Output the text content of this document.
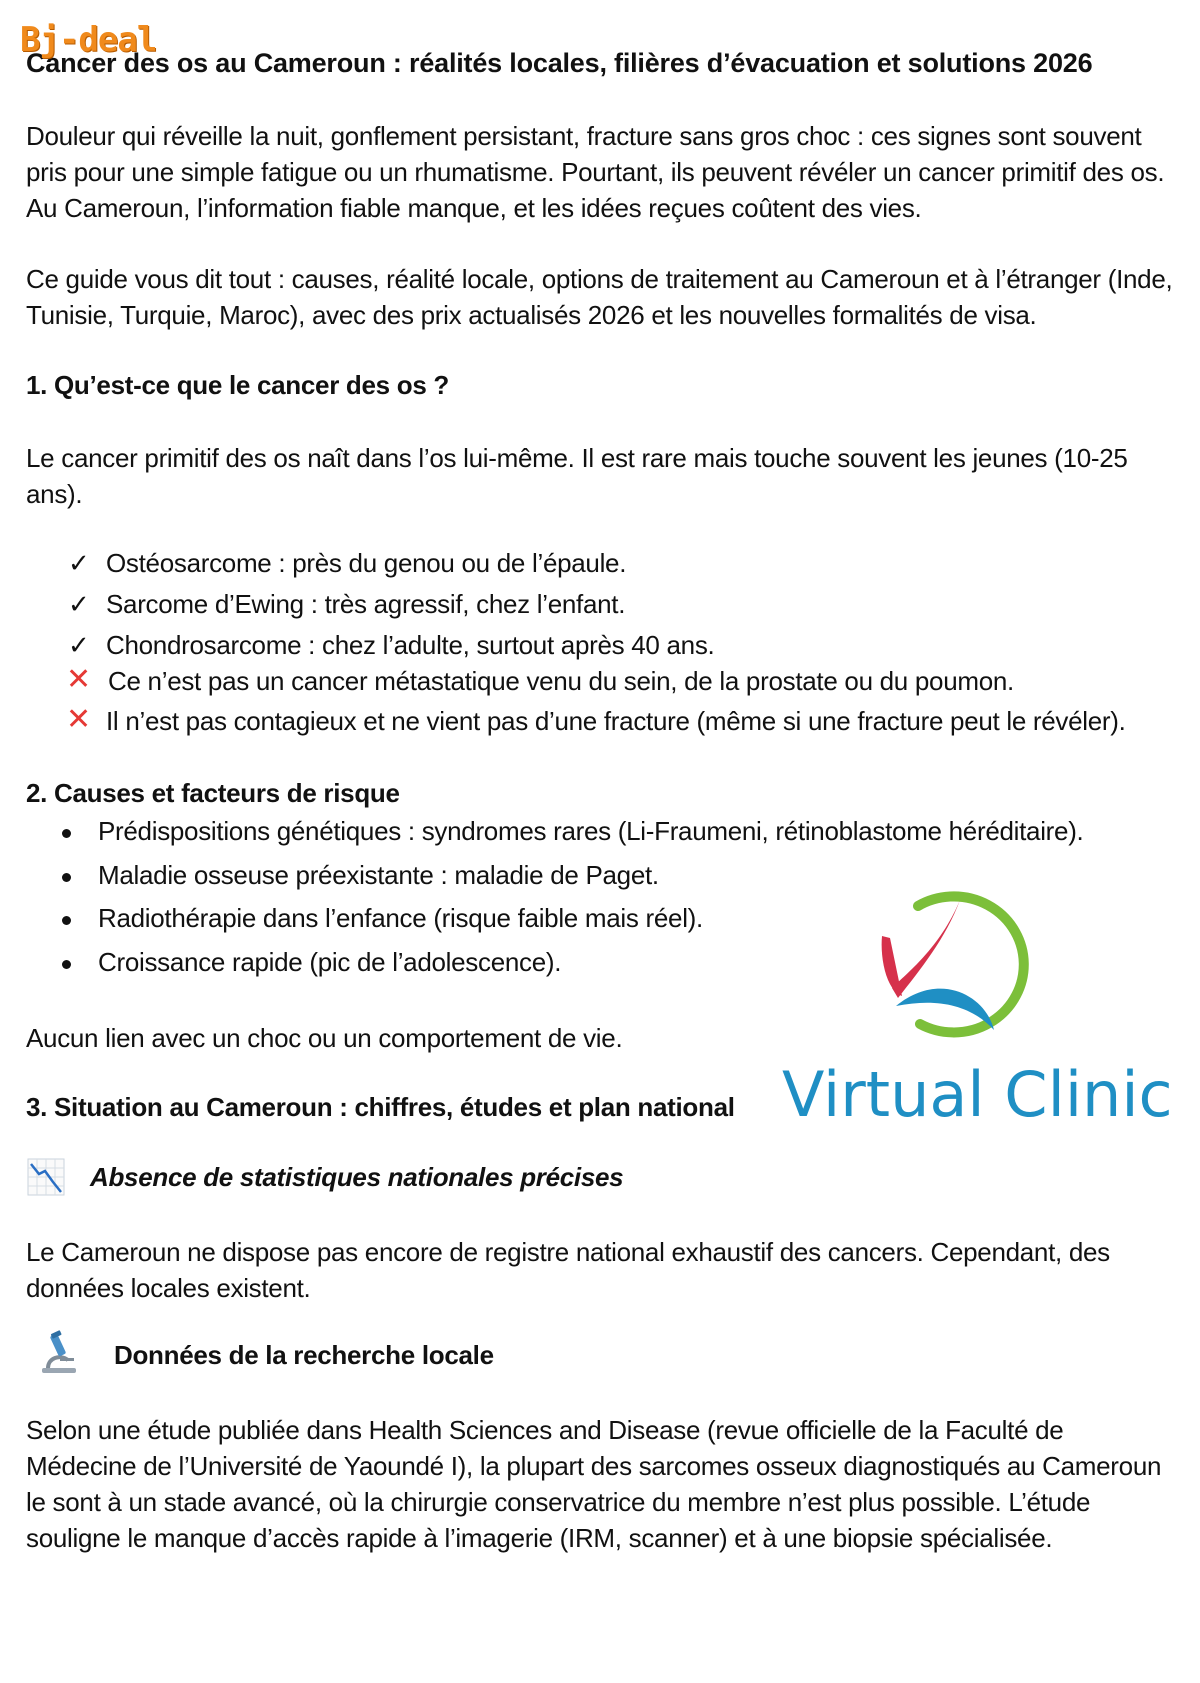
Cancer des os au Cameroun : réalités locales, filières d’évacuation et solutions 2026
Bj-deal

Douleur qui réveille la nuit, gonflement persistant, fracture sans gros choc : ces signes sont souvent
pris pour une simple fatigue ou un rhumatisme. Pourtant, ils peuvent révéler un cancer primitif des os.
Au Cameroun, l’information fiable manque, et les idées reçues coûtent des vies.

Ce guide vous dit tout : causes, réalité locale, options de traitement au Cameroun et à l’étranger (Inde,
Tunisie, Turquie, Maroc), avec des prix actualisés 2026 et les nouvelles formalités de visa.

1. Qu’est-ce que le cancer des os ?

Le cancer primitif des os naît dans l’os lui-même. Il est rare mais touche souvent les jeunes (10-25
ans).

✓ Ostéosarcome : près du genou ou de l’épaule.
✓ Sarcome d’Ewing : très agressif, chez l’enfant.
✓ Chondrosarcome : chez l’adulte, surtout après 40 ans.
✕ Ce n’est pas un cancer métastatique venu du sein, de la prostate ou du poumon.
✕ Il n’est pas contagieux et ne vient pas d’une fracture (même si une fracture peut le révéler).
2. Causes et facteurs de risque
Prédispositions génétiques : syndromes rares (Li-Fraumeni, rétinoblastome héréditaire).
Maladie osseuse préexistante : maladie de Paget.
Radiothérapie dans l’enfance (risque faible mais réel).
Croissance rapide (pic de l’adolescence).

Aucun lien avec un choc ou un comportement de vie.

Virtual Clinic
3. Situation au Cameroun : chiffres, études et plan national
Absence de statistiques nationales précises

Le Cameroun ne dispose pas encore de registre national exhaustif des cancers. Cependant, des
données locales existent.

Données de la recherche locale

Selon une étude publiée dans Health Sciences and Disease (revue officielle de la Faculté de
Médecine de l’Université de Yaoundé I), la plupart des sarcomes osseux diagnostiqués au Cameroun
le sont à un stade avancé, où la chirurgie conservatrice du membre n’est plus possible. L’étude
souligne le manque d’accès rapide à l’imagerie (IRM, scanner) et à une biopsie spécialisée.
